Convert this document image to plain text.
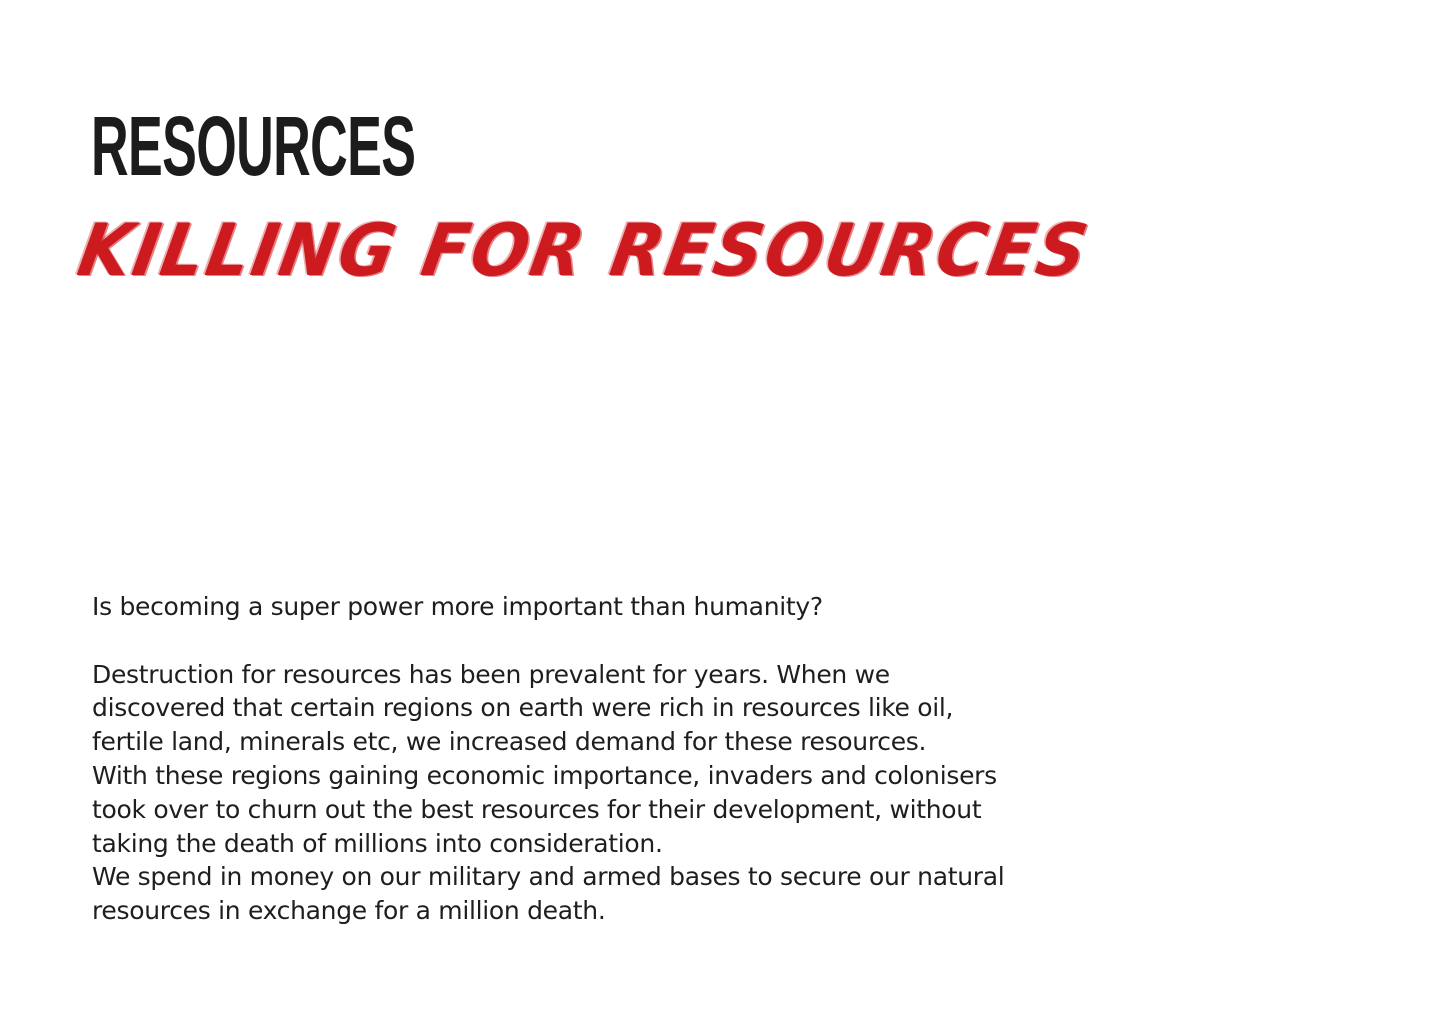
RESOURCES
KILLING FOR RESOURCES

Is becoming a super power more important than humanity?

Destruction for resources has been prevalent for years. When we

discovered that certain regions on earth were rich in resources like oil,

fertile land, minerals etc, we increased demand for these resources.

With these regions gaining economic importance, invaders and colonisers

took over to churn out the best resources for their development, without

taking the death of millions into consideration.

We spend in money on our military and armed bases to secure our natural

resources in exchange for a million death.
